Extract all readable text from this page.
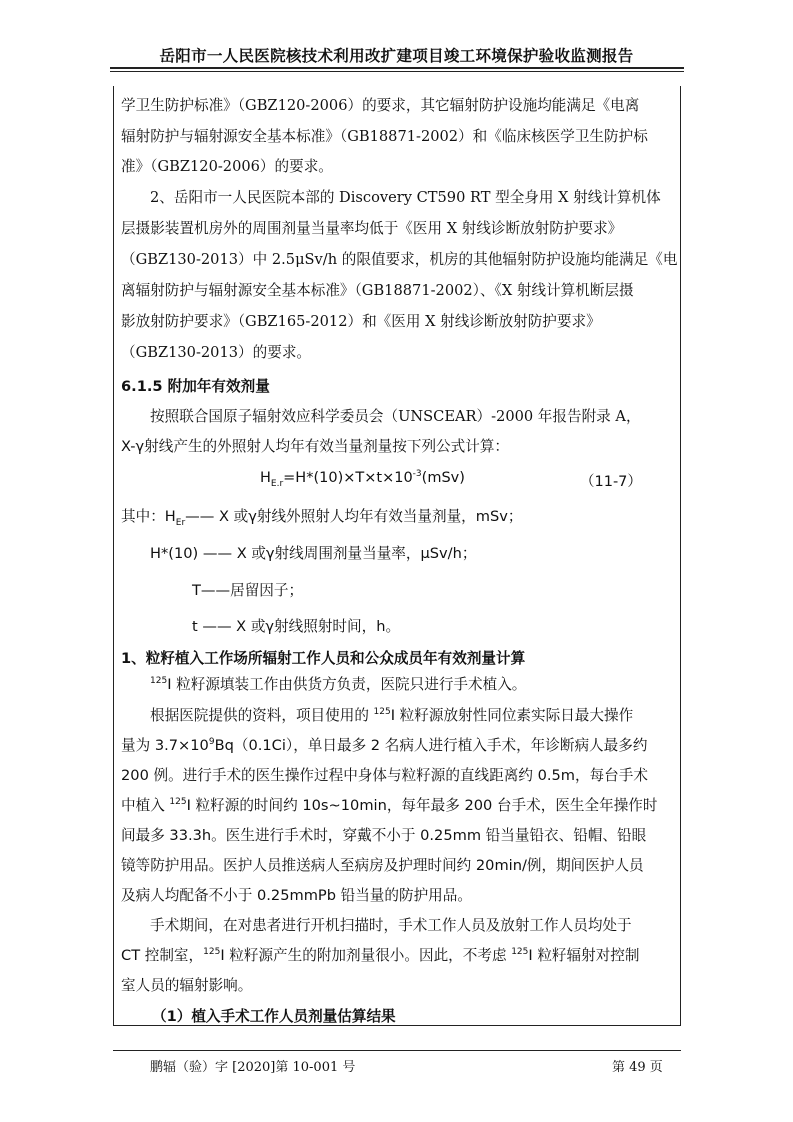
岳阳市一人民医院核技术利用改扩建项目竣工环境保护验收监测报告
学卫生防护标准》（GBZ120-2006）的要求，其它辐射防护设施均能满足《电离
辐射防护与辐射源安全基本标准》（GB18871-2002）和《临床核医学卫生防护标
准》（GBZ120-2006）的要求。
2、岳阳市一人民医院本部的 Discovery CT590 RT 型全身用 X 射线计算机体
层摄影装置机房外的周围剂量当量率均低于《医用 X 射线诊断放射防护要求》
（GBZ130-2013）中 2.5μSv/h 的限值要求，机房的其他辐射防护设施均能满足《电
离辐射防护与辐射源安全基本标准》（GB18871-2002）、《X 射线计算机断层摄
影放射防护要求》（GBZ165-2012）和《医用 X 射线诊断放射防护要求》
（GBZ130-2013）的要求。
6.1.5 附加年有效剂量
按照联合国原子辐射效应科学委员会（UNSCEAR）-2000 年报告附录 A，
X-γ射线产生的外照射人均年有效当量剂量按下列公式计算：
$H_{E.r}=H*(10)\times T\times t\times 10^{-3}(mSv)$	（11-7）
其中：$H_{Er}——$ X 或γ射线外照射人均年有效当量剂量，mSv；
H*(10) —— X 或γ射线周围剂量当量率，μSv/h；
T——居留因子；
t —— X 或γ射线照射时间，h。
1、粒籽植入工作场所辐射工作人员和公众成员年有效剂量计算
$^{125}$I 粒籽源填装工作由供货方负责，医院只进行手术植入。
根据医院提供的资料，项目使用的 $^{125}$I 粒籽源放射性同位素实际日最大操作
量为 $3.7\times 10^9Bq(0.1Ci)$，单日最多 2 名病人进行植入手术，年诊断病人最多约
200 例。进行手术的医生操作过程中身体与粒籽源的直线距离约 0.5m，每台手术
中植入 $^{125}$I 粒籽源的时间约 10s~10min，每年最多 200 台手术，医生全年操作时
间最多 33.3h。医生进行手术时，穿戴不小于 0.25mm 铅当量铅衣、铅帽、铅眼
镜等防护用品。医护人员推送病人至病房及护理时间约 20min/例，期间医护人员
及病人均配备不小于 0.25mmPb 铅当量的防护用品。
手术期间，在对患者进行开机扫描时，手术工作人员及放射工作人员均处于
CT 控制室，$^{125}$I 粒籽源产生的附加剂量很小。因此，不考虑 $^{125}$I 粒籽辐射对控制
室人员的辐射影响。
（1）植入手术工作人员剂量估算结果
鹏辐（验）字 [2020]第 10-001 号	第 49 页
